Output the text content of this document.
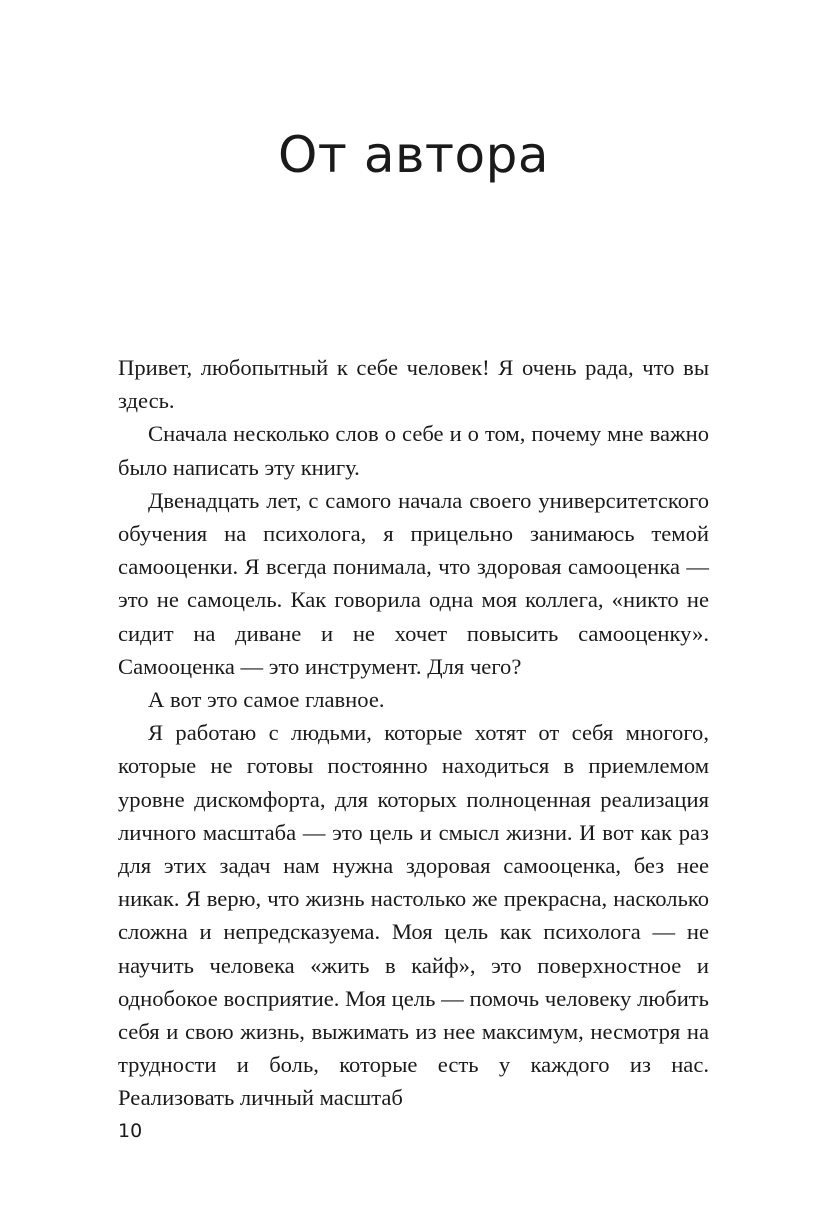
От автора

Привет, любопытный к себе человек! Я очень рада, что вы здесь.

Сначала несколько слов о себе и о том, почему мне важно было написать эту книгу.

Двенадцать лет, с самого начала своего университетского обучения на психолога, я прицельно занимаюсь темой самооценки. Я всегда понимала, что здоровая самооценка — это не самоцель. Как говорила одна моя коллега, «никто не сидит на диване и не хочет повысить самооценку». Самооценка — это инструмент. Для чего?

А вот это самое главное.

Я работаю с людьми, которые хотят от себя многого, которые не готовы постоянно находиться в приемлемом уровне дискомфорта, для которых полноценная реализация личного масштаба — это цель и смысл жизни. И вот как раз для этих задач нам нужна здоровая самооценка, без нее никак. Я верю, что жизнь настолько же прекрасна, насколько сложна и непредсказуема. Моя цель как психолога — не научить человека «жить в кайф», это поверхностное и однобокое восприятие. Моя цель — помочь человеку любить себя и свою жизнь, выжимать из нее максимум, несмотря на трудности и боль, которые есть у каждого из нас. Реализовать личный масштаб

10
